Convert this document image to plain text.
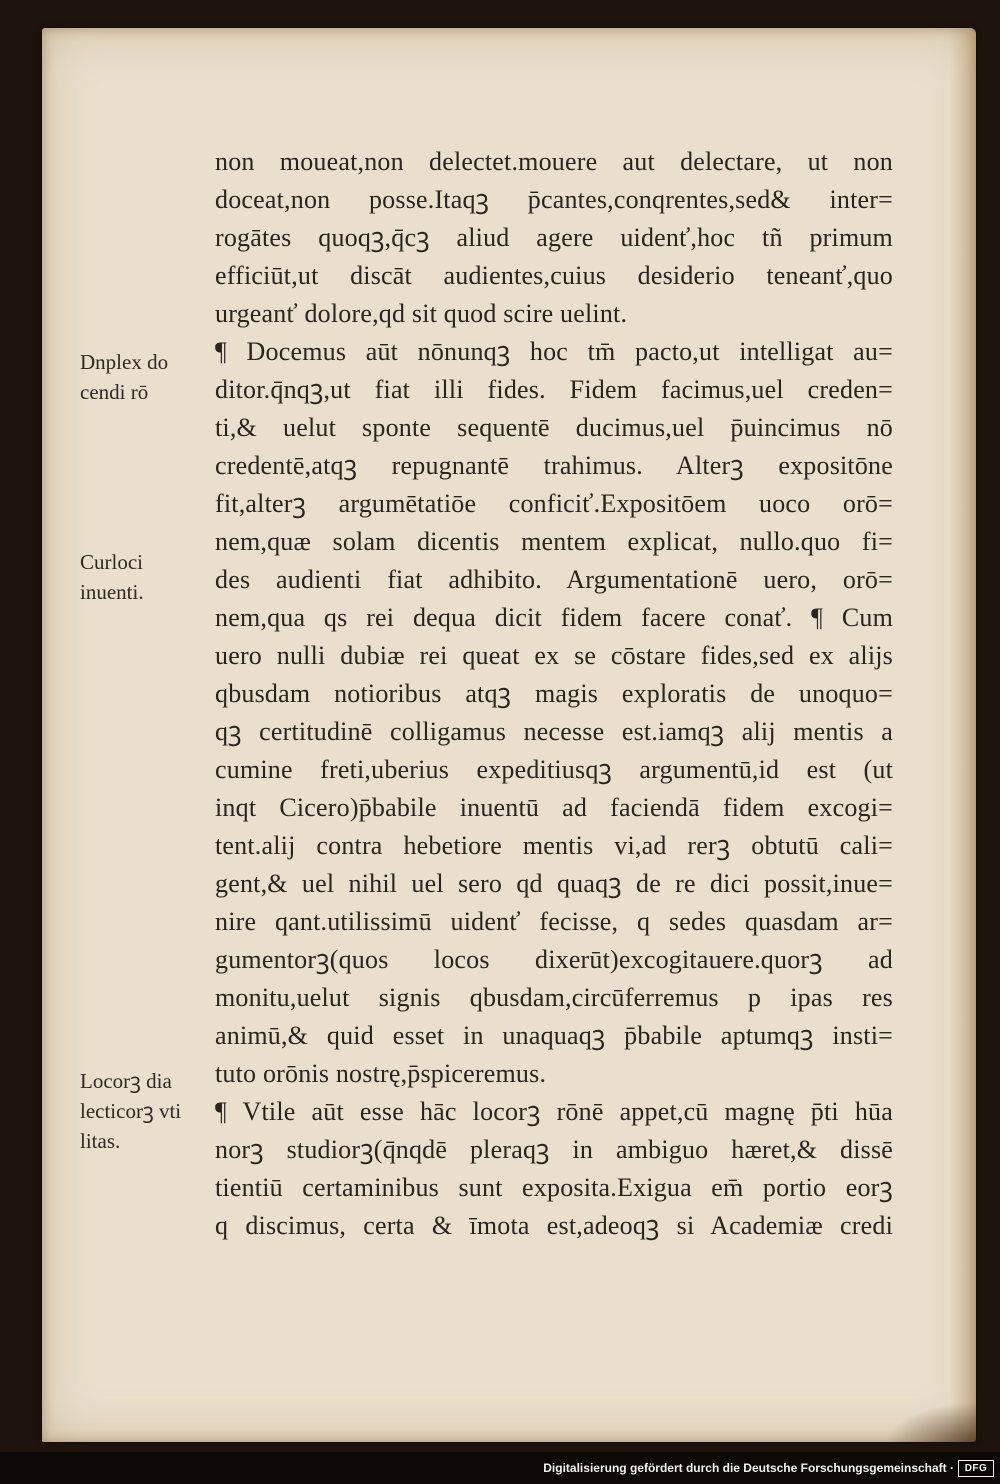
non moueat,non delectet.mouere aut delectare, ut non
doceat,non posse.Itaqꝫ p̄cantes,conqrentes,sed& inter=
rogātes quoqꝫ,q̄cꝫ aliud agere uidenť,hoc tñ primum
efficiūt,ut discāt audientes,cuius desiderio teneanť,quo
urgeanť dolore,qd sit quod scire uelint.
¶ Docemus aūt nōnunqꝫ hoc tm̄ pacto,ut intelligat au=
ditor.q̄nqꝫ,ut fiat illi fides. Fidem facimus,uel creden=
ti,& uelut sponte sequentē ducimus,uel p̄uincimus nō
credentē,atqꝫ repugnantē trahimus. Alterꝫ expositōne
fit,alterꝫ argumētatiōe conficiť.Expositōem uoco orō=
nem,quæ solam dicentis mentem explicat, nullo.quo fi=
des audienti fiat adhibito. Argumentationē uero, orō=
nem,qua qs rei dequa dicit fidem facere conať. ¶ Cum
uero nulli dubiæ rei queat ex se cōstare fides,sed ex alijs
qbusdam notioribus atqꝫ magis exploratis de unoquo=
qꝫ certitudinē colligamus necesse est.iamqꝫ alij mentis a
cumine freti,uberius expeditiusqꝫ argumentū,id est (ut
inqt Cicero)p̄babile inuentū ad faciendā fidem excogi=
tent.alij contra hebetiore mentis vi,ad rerꝫ obtutū cali=
gent,& uel nihil uel sero qd quaqꝫ de re dici possit,inue=
nire qant.utilissimū uidenť fecisse, q sedes quasdam ar=
gumentorꝫ(quos locos dixerūt)excogitauere.quorꝫ ad
monitu,uelut signis qbusdam,circūferremus p ipas res
animū,& quid esset in unaquaqꝫ p̄babile aptumqꝫ insti=
tuto orōnis nostrę,p̄spiceremus.
¶ Vtile aūt esse hāc locorꝫ rōnē appet,cū magnę p̄ti hūa
norꝫ studiorꝫ(q̄nqdē pleraqꝫ in ambiguo hæret,& dissē
tientiū certaminibus sunt exposita.Exigua em̄ portio eorꝫ
q discimus, certa & īmota est,adeoqꝫ si Academiæ credi
Dnplex do
cendi rō
Curloci
inuenti.
Locorꝫ dia
lecticorꝫ vti
litas.
Digitalisierung gefördert durch die Deutsche Forschungsgemeinschaft ·	DFG
